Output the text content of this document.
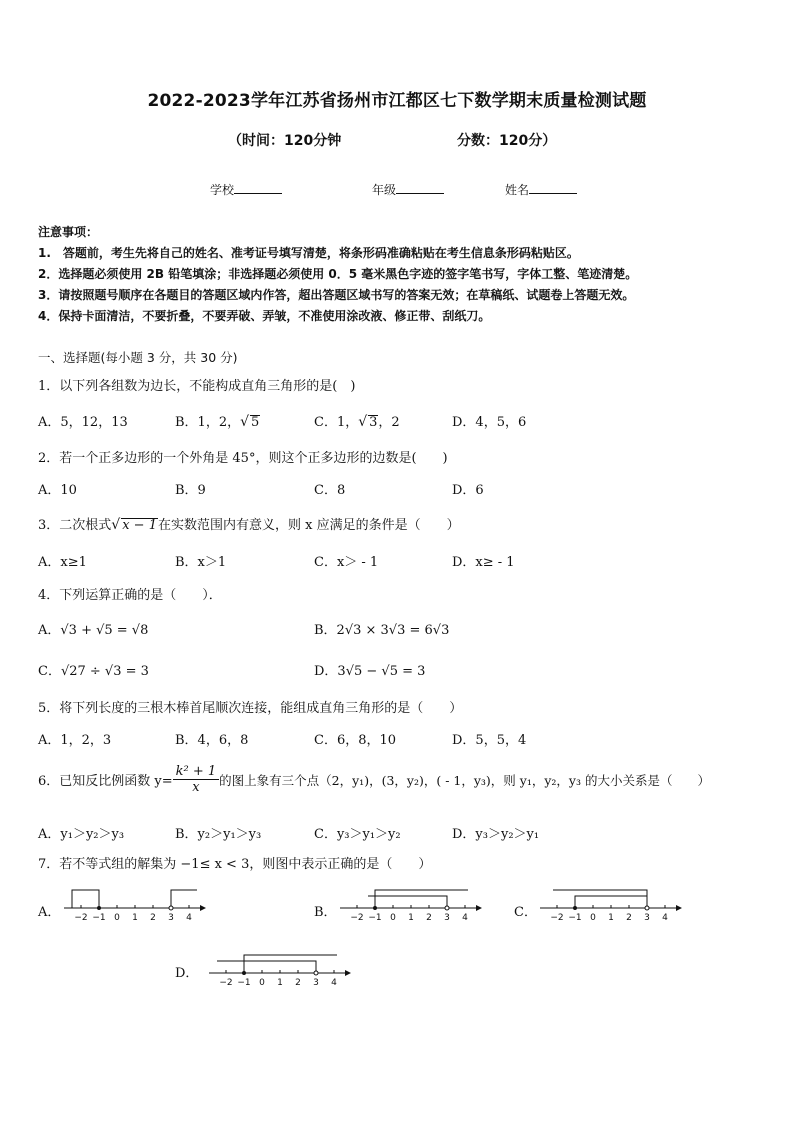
2022-2023学年江苏省扬州市江都区七下数学期末质量检测试题
（时间：120分钟	分数：120分）
学校	年级	姓名
注意事项：
1.　答题前，考生先将自己的姓名、准考证号填写清楚，将条形码准确粘贴在考生信息条形码粘贴区。
2．选择题必须使用 2B 铅笔填涂；非选择题必须使用 0．5 毫米黑色字迹的签字笔书写，字体工整、笔迹清楚。
3．请按照题号顺序在各题目的答题区域内作答，超出答题区域书写的答案无效；在草稿纸、试题卷上答题无效。
4．保持卡面清洁，不要折叠，不要弄破、弄皱，不准使用涂改液、修正带、刮纸刀。
一、选择题(每小题 3 分，共 30 分)
1．以下列各组数为边长，不能构成直角三角形的是(　)
A．5，12，13	B．1，2，√ 5	C．1，√ 3，2	D．4，5，6
2．若一个正多边形的一个外角是 45°，则这个正多边形的边数是(　　)
A．10	B．9	C．8	D．6
3．二次根式√ x − 1在实数范围内有意义，则 x 应满足的条件是（　　）
A．x≥1	B．x＞1	C．x＞ - 1	D．x≥ - 1
4．下列运算正确的是（　　）．
A．√3 + √5 = √8	B．2√3 × 3√3 = 6√3
C．√27 ÷ √3 = 3	D．3√5 − √5 = 3
5．将下列长度的三根木棒首尾顺次连接，能组成直角三角形的是（　　）
A．1，2，3	B．4，6，8	C．6，8，10	D．5，5，4
6．已知反比例函数 $y= \frac{\text{k² + 1}}{x}$ 的图上象有三个点（2，y₁)，(3，y₂)，( - 1，y₃)，则 y₁，y₂，y₃ 的大小关系是（　　）
A．y₁＞y₂＞y₃	B．y₂＞y₁＞y₃	C．y₃＞y₁＞y₂	D．y₃＞y₂＞y₁
7．若不等式组的解集为 −1≤ x < 3，则图中表示正确的是（　　）
A．	B．	C．
D．
−2 −1 0 1 2 3 4	−2 −1 0 1 2 3 4	−2 −1 0 1 2 3 4
−2 −1 0 1 2 3 4
